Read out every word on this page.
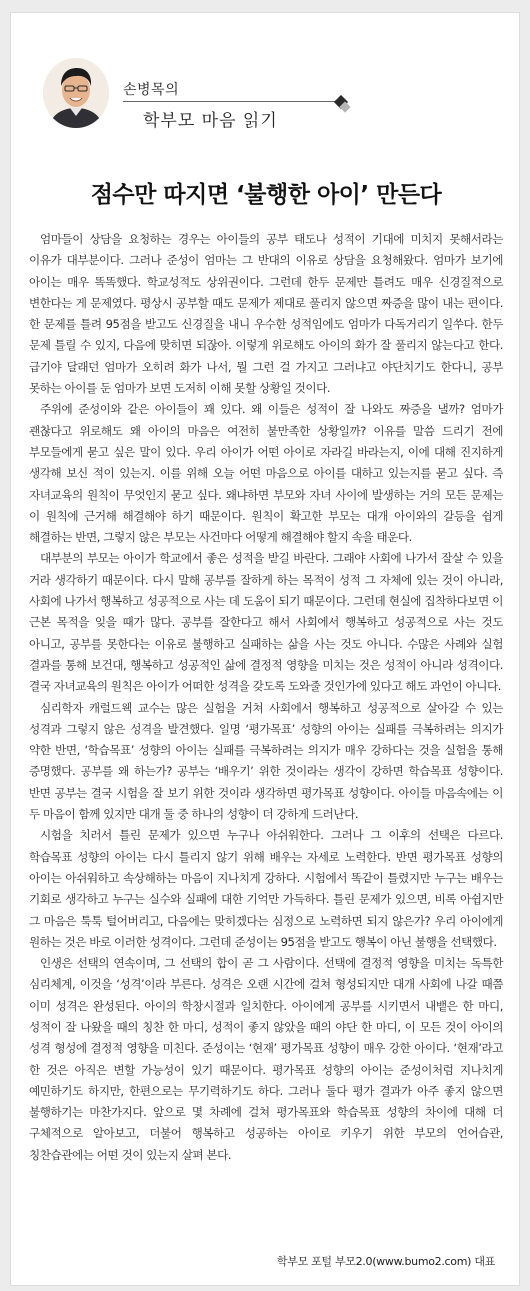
손병목의
학부모 마음 읽기
점수만 따지면 ‘불행한 아이’ 만든다

엄마들이 상담을 요청하는 경우는 아이들의 공부 태도나 성적이 기대에 미치지 못해서라는 이유가 대부분이다. 그러나 준성이 엄마는 그 반대의 이유로 상담을 요청해왔다. 엄마가 보기에 아이는 매우 똑똑했다. 학교성적도 상위권이다. 그런데 한두 문제만 틀려도 매우 신경질적으로 변한다는 게 문제였다. 평상시 공부할 때도 문제가 제대로 풀리지 않으면 짜증을 많이 내는 편이다. 한 문제를 틀려 95점을 받고도 신경질을 내니 우수한 성적임에도 엄마가 다독거리기 일쑤다. 한두 문제 틀릴 수 있지, 다음에 맞히면 되잖아. 이렇게 위로해도 아이의 화가 잘 풀리지 않는다고 한다. 급기야 달래던 엄마가 오히려 화가 나서, 뭘 그런 걸 가지고 그러냐고 야단치기도 한다니, 공부 못하는 아이를 둔 엄마가 보면 도저히 이해 못할 상황일 것이다.

주위에 준성이와 같은 아이들이 꽤 있다. 왜 이들은 성적이 잘 나와도 짜증을 낼까? 엄마가 괜찮다고 위로해도 왜 아이의 마음은 여전히 불만족한 상황일까? 이유를 말씀 드리기 전에 부모들에게 묻고 싶은 말이 있다. 우리 아이가 어떤 아이로 자라길 바라는지, 이에 대해 진지하게 생각해 보신 적이 있는지. 이를 위해 오늘 어떤 마음으로 아이를 대하고 있는지를 묻고 싶다. 즉 자녀교육의 원칙이 무엇인지 묻고 싶다. 왜냐하면 부모와 자녀 사이에 발생하는 거의 모든 문제는 이 원칙에 근거해 해결해야 하기 때문이다. 원칙이 확고한 부모는 대개 아이와의 갈등을 쉽게 해결하는 반면, 그렇지 않은 부모는 사건마다 어떻게 해결해야 할지 속을 태운다.

대부분의 부모는 아이가 학교에서 좋은 성적을 받길 바란다. 그래야 사회에 나가서 잘살 수 있을 거라 생각하기 때문이다. 다시 말해 공부를 잘하게 하는 목적이 성적 그 자체에 있는 것이 아니라, 사회에 나가서 행복하고 성공적으로 사는 데 도움이 되기 때문이다. 그런데 현실에 집착하다보면 이 근본 목적을 잊을 때가 많다. 공부를 잘한다고 해서 사회에서 행복하고 성공적으로 사는 것도 아니고, 공부를 못한다는 이유로 불행하고 실패하는 삶을 사는 것도 아니다. 수많은 사례와 실험 결과를 통해 보건대, 행복하고 성공적인 삶에 결정적 영향을 미치는 것은 성적이 아니라 성격이다. 결국 자녀교육의 원칙은 아이가 어떠한 성격을 갖도록 도와줄 것인가에 있다고 해도 과언이 아니다.

심리학자 캐럴드웩 교수는 많은 실험을 거쳐 사회에서 행복하고 성공적으로 살아갈 수 있는 성격과 그렇지 않은 성격을 발견했다. 일명 ‘평가목표’ 성향의 아이는 실패를 극복하려는 의지가 약한 반면, ‘학습목표’ 성향의 아이는 실패를 극복하려는 의지가 매우 강하다는 것을 실험을 통해 증명했다. 공부를 왜 하는가? 공부는 ‘배우기’ 위한 것이라는 생각이 강하면 학습목표 성향이다. 반면 공부는 결국 시험을 잘 보기 위한 것이라 생각하면 평가목표 성향이다. 아이들 마음속에는 이 두 마음이 함께 있지만 대개 둘 중 하나의 성향이 더 강하게 드러난다.

시험을 치러서 틀린 문제가 있으면 누구나 아쉬워한다. 그러나 그 이후의 선택은 다르다. 학습목표 성향의 아이는 다시 틀리지 않기 위해 배우는 자세로 노력한다. 반면 평가목표 성향의 아이는 아쉬워하고 속상해하는 마음이 지나치게 강하다. 시험에서 똑같이 틀렸지만 누구는 배우는 기회로 생각하고 누구는 실수와 실패에 대한 기억만 가득하다. 틀린 문제가 있으면, 비록 아쉽지만 그 마음은 툭툭 털어버리고, 다음에는 맞히겠다는 심정으로 노력하면 되지 않은가? 우리 아이에게 원하는 것은 바로 이러한 성격이다. 그런데 준성이는 95점을 받고도 행복이 아닌 불행을 선택했다.

인생은 선택의 연속이며, 그 선택의 합이 곧 그 사람이다. 선택에 결정적 영향을 미치는 독특한 심리체계, 이것을 ‘성격’이라 부른다. 성격은 오랜 시간에 걸쳐 형성되지만 대개 사회에 나갈 때쯤 이미 성격은 완성된다. 아이의 학창시절과 일치한다. 아이에게 공부를 시키면서 내뱉은 한 마디, 성적이 잘 나왔을 때의 칭찬 한 마디, 성적이 좋지 않았을 때의 야단 한 마디, 이 모든 것이 아이의 성격 형성에 결정적 영향을 미친다. 준성이는 ‘현재’ 평가목표 성향이 매우 강한 아이다. ‘현재’라고 한 것은 아직은 변할 가능성이 있기 때문이다. 평가목표 성향의 아이는 준성이처럼 지나치게 예민하기도 하지만, 한편으로는 무기력하기도 하다. 그러나 둘다 평가 결과가 아주 좋지 않으면 불행하기는 마찬가지다. 앞으로 몇 차례에 걸쳐 평가목표와 학습목표 성향의 차이에 대해 더 구체적으로 알아보고, 더불어 행복하고 성공하는 아이로 키우기 위한 부모의 언어습관, 칭찬습관에는 어떤 것이 있는지 살펴 본다.

학부모 포털 부모2.0(www.bumo2.com) 대표
